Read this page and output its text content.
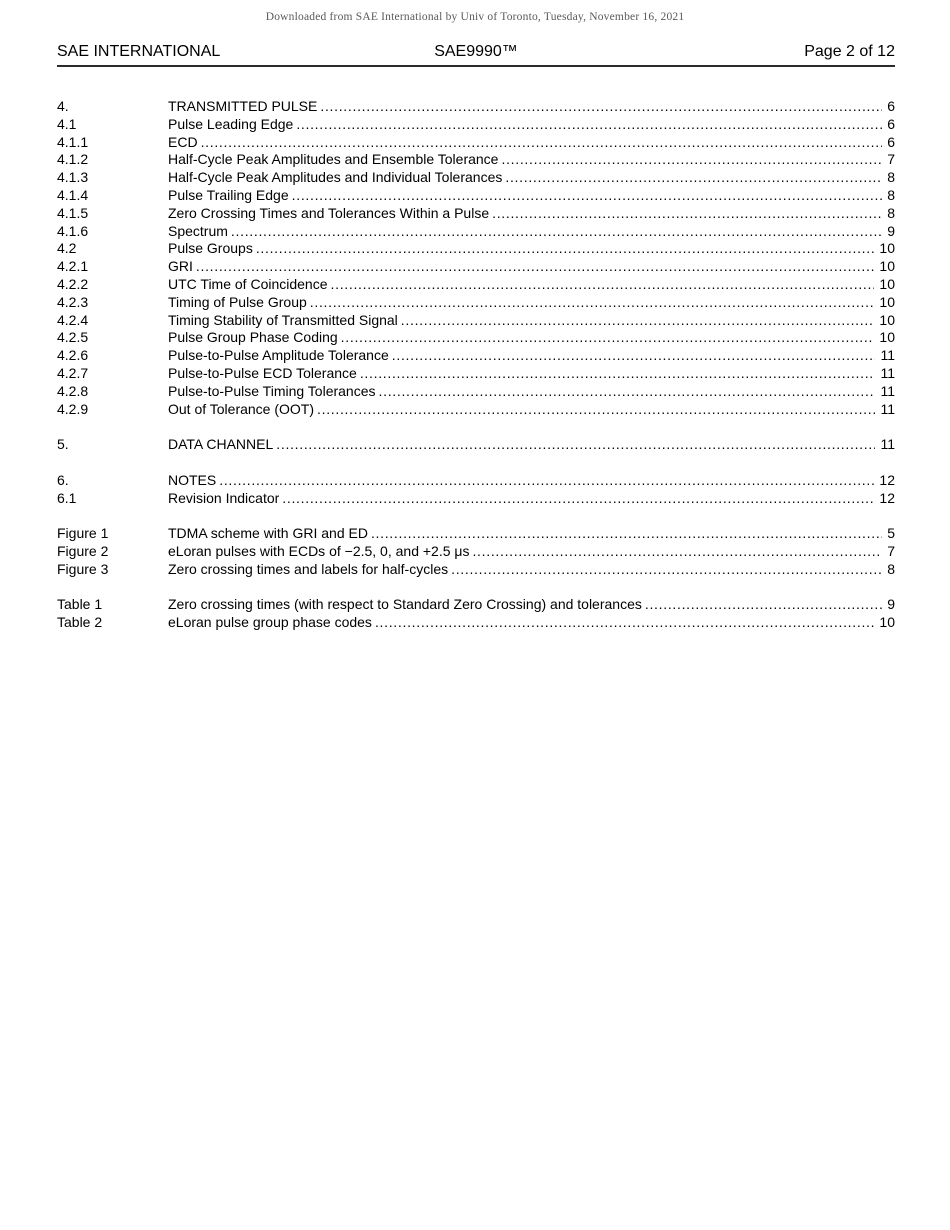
Downloaded from SAE International by Univ of Toronto, Tuesday, November 16, 2021
SAE INTERNATIONAL	SAE9990™	Page 2 of 12
4.	TRANSMITTED PULSE .....	6
4.1	Pulse Leading Edge .....	6
4.1.1	ECD .....	6
4.1.2	Half-Cycle Peak Amplitudes and Ensemble Tolerance .....	7
4.1.3	Half-Cycle Peak Amplitudes and Individual Tolerances .....	8
4.1.4	Pulse Trailing Edge .....	8
4.1.5	Zero Crossing Times and Tolerances Within a Pulse .....	8
4.1.6	Spectrum .....	9
4.2	Pulse Groups .....	10
4.2.1	GRI .....	10
4.2.2	UTC Time of Coincidence .....	10
4.2.3	Timing of Pulse Group .....	10
4.2.4	Timing Stability of Transmitted Signal .....	10
4.2.5	Pulse Group Phase Coding .....	10
4.2.6	Pulse-to-Pulse Amplitude Tolerance .....	11
4.2.7	Pulse-to-Pulse ECD Tolerance .....	11
4.2.8	Pulse-to-Pulse Timing Tolerances .....	11
4.2.9	Out of Tolerance (OOT) .....	11
5.	DATA CHANNEL .....	11
6.	NOTES .....	12
6.1	Revision Indicator .....	12
Figure 1	TDMA scheme with GRI and ED .....	5
Figure 2	eLoran pulses with ECDs of −2.5, 0, and +2.5 μs .....	7
Figure 3	Zero crossing times and labels for half-cycles .....	8
Table 1	Zero crossing times (with respect to Standard Zero Crossing) and tolerances .....	9
Table 2	eLoran pulse group phase codes .....	10
